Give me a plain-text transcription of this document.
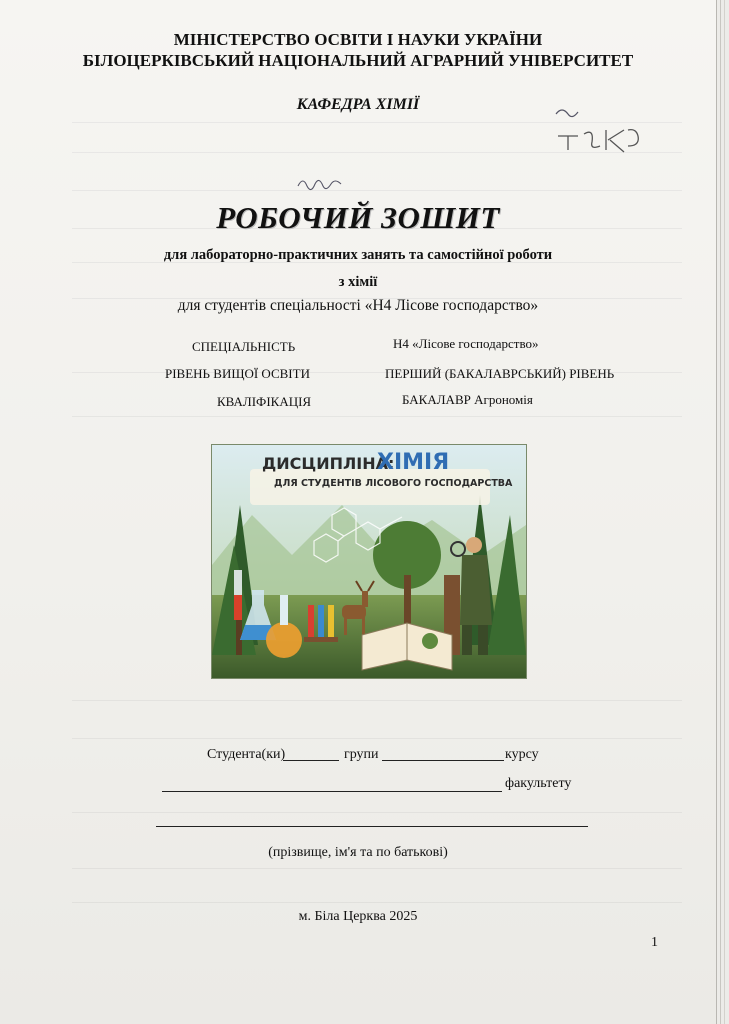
МІНІСТЕРСТВО ОСВІТИ І НАУКИ УКРАЇНИ
БІЛОЦЕРКІВСЬКИЙ НАЦІОНАЛЬНИЙ АГРАРНИЙ УНІВЕРСИТЕТ
КАФЕДРА ХІМІЇ
РОБОЧИЙ ЗОШИТ
для лабораторно-практичних занять та самостійної роботи
з хімії
для студентів спеціальності «Н4 Лісове господарство»
СПЕЦІАЛЬНІСТЬ	Н4 «Лісове господарство»
РІВЕНЬ ВИЩОЇ ОСВІТИ	ПЕРШИЙ (БАКАЛАВРСЬКИЙ) РІВЕНЬ
КВАЛІФІКАЦІЯ	БАКАЛАВР Агрономія
ДИСЦИПЛІНА:
ХІМІЯ
ДЛЯ СТУДЕНТІВ ЛІСОВОГО ГОСПОДАРСТВА
Студента(ки)	групи	курсу
факультету
(прізвище, ім'я та по батькові)
м. Біла Церква 2025
1
